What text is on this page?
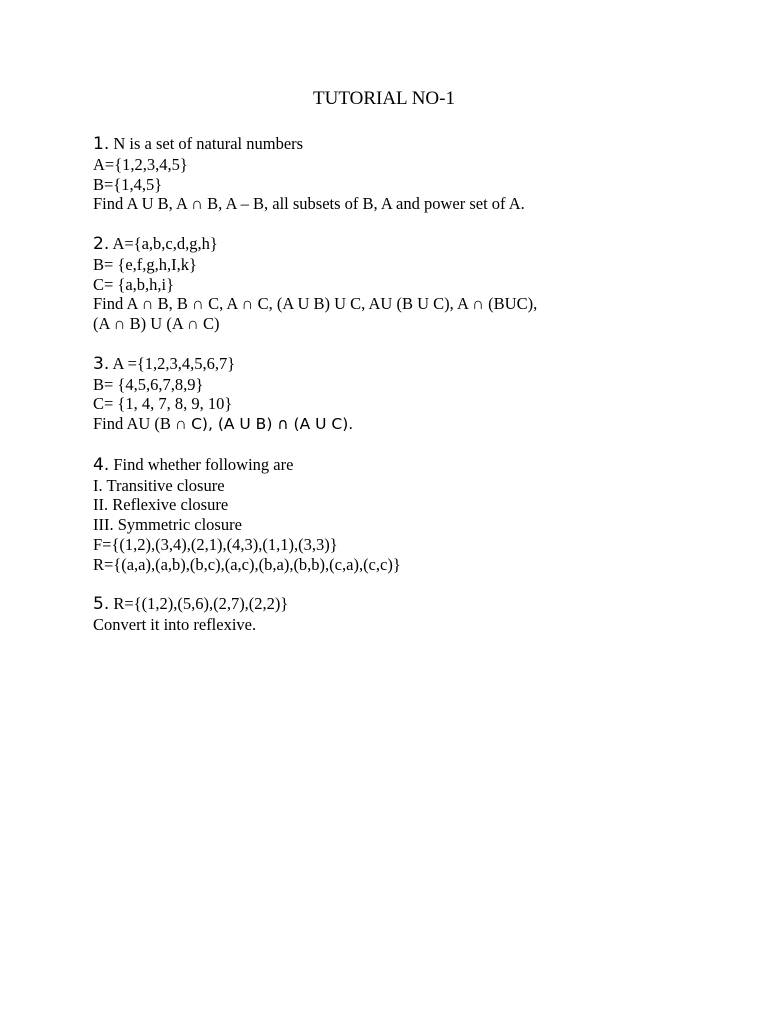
TUTORIAL NO-1
1. N is a set of natural numbers
A={1,2,3,4,5}
B={1,4,5}
Find A U B, A ∩ B, A – B, all subsets of B, A and power set of A.
2. A={a,b,c,d,g,h}
B= {e,f,g,h,I,k}
C= {a,b,h,i}
Find A ∩ B, B ∩ C, A ∩ C, (A U B) U C, AU (B U C), A ∩ (BUC),
(A ∩ B) U (A ∩ C)
3. A ={1,2,3,4,5,6,7}
B= {4,5,6,7,8,9}
C= {1, 4, 7, 8, 9, 10}
Find AU (B ∩ C), (A U B) ∩ (A U C).
4. Find whether following are
I. Transitive closure
II. Reflexive closure
III. Symmetric closure
F={(1,2),(3,4),(2,1),(4,3),(1,1),(3,3)}
R={(a,a),(a,b),(b,c),(a,c),(b,a),(b,b),(c,a),(c,c)}
5. R={(1,2),(5,6),(2,7),(2,2)}
Convert it into reflexive.
